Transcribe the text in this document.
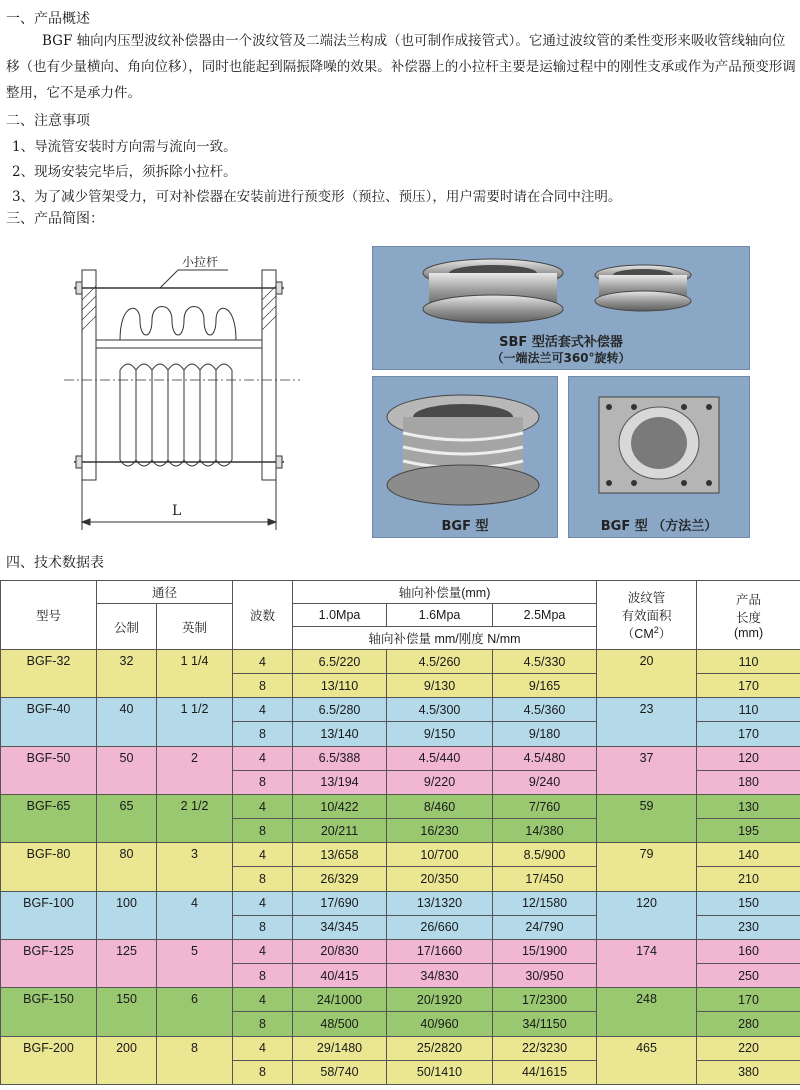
一、产品概述
BGF 轴向内压型波纹补偿器由一个波纹管及二端法兰构成（也可制作成接管式）。它通过波纹管的柔性变形来吸收管线轴向位移（也有少量横向、角向位移），同时也能起到隔振降噪的效果。补偿器上的小拉杆主要是运输过程中的刚性支承或作为产品预变形调整用，它不是承力件。
二、注意事项
1、导流管安装时方向需与流向一致。
2、现场安装完毕后，须拆除小拉杆。
3、为了减少管架受力，可对补偿器在安装前进行预变形（预拉、预压），用户需要时请在合同中注明。
三、产品简图：
小拉杆
L
SBF 型活套式补偿器
（一端法兰可360°旋转）
BGF 型	BGF 型 （方法兰）
四、技术数据表
型号	通径		波数	轴向补偿量(mm)			波纹管
有效面积
$(CM^2)$	产品
长度
(mm)
	公制	英制		1.0Mpa	1.6Mpa	2.5Mpa		
				轴向补偿量 mm/刚度 N/mm				
BGF-32	32	1 1/4	4	6.5/220	4.5/260	4.5/330	20	110
			8	13/110	9/130	9/165		170
BGF-40	40	1 1/2	4	6.5/280	4.5/300	4.5/360	23	110
			8	13/140	9/150	9/180		170
BGF-50	50	2	4	6.5/388	4.5/440	4.5/480	37	120
			8	13/194	9/220	9/240		180
BGF-65	65	2 1/2	4	10/422	8/460	7/760	59	130
			8	20/211	16/230	14/380		195
BGF-80	80	3	4	13/658	10/700	8.5/900	79	140
			8	26/329	20/350	17/450		210
BGF-100	100	4	4	17/690	13/1320	12/1580	120	150
			8	34/345	26/660	24/790		230
BGF-125	125	5	4	20/830	17/1660	15/1900	174	160
			8	40/415	34/830	30/950		250
BGF-150	150	6	4	24/1000	20/1920	17/2300	248	170
			8	48/500	40/960	34/1150		280
BGF-200	200	8	4	29/1480	25/2820	22/3230	465	220
			8	58/740	50/1410	44/1615		380
